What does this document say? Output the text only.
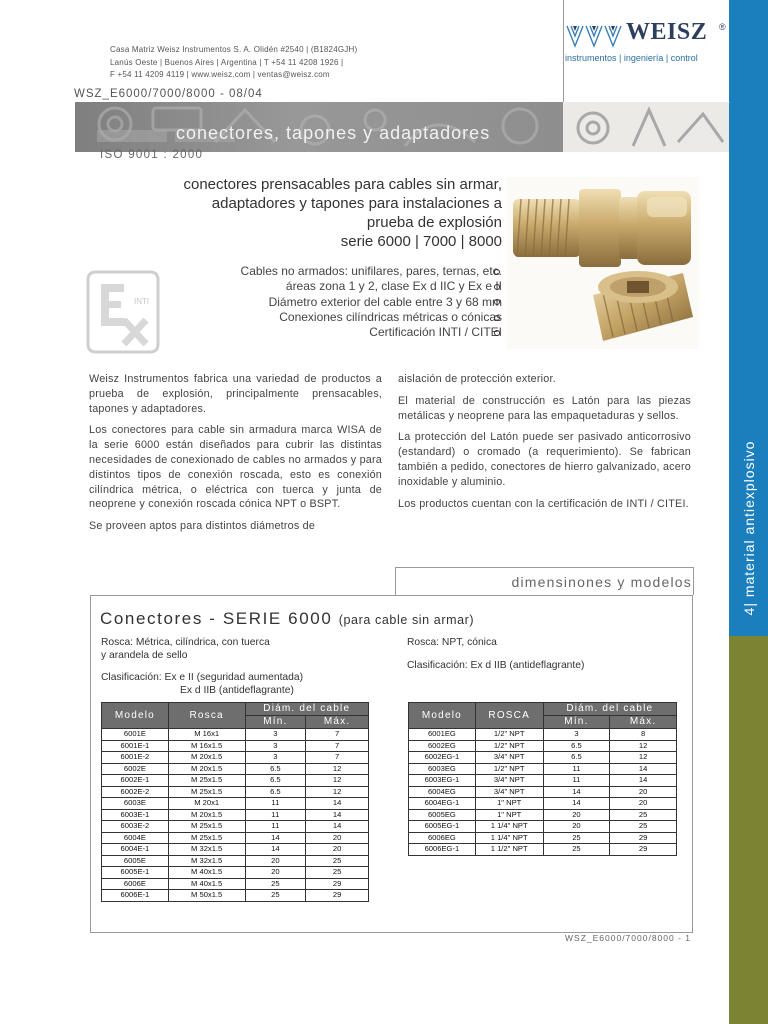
4| material antiexplosivo
Casa Matriz Weisz Instrumentos S. A. Olidén #2540 | (B1824GJH)
Lanús Oeste | Buenos Aires | Argentina | T +54 11 4208 1926 |
F +54 11 4209 4119 | www.weisz.com | ventas@weisz.com
WEISZ ®
instrumentos | ingeniería | control
WSZ_E6000/7000/8000 - 08/04
conectores, tapones y adaptadores
ISO 9001 : 2000
conectores prensacables para cables sin armar,
adaptadores y tapones para instalaciones a
prueba de explosión
serie 6000 | 7000 | 8000
Cables no armados: unifilares, pares, ternas, etc.
áreas zona 1 y 2, clase Ex d IIC y Ex e II
Diámetro exterior del cable entre 3 y 68 mm
Conexiones cilíndricas métricas o cónicas
Certificación INTI / CITEI
INTI

Weisz Instrumentos fabrica una variedad de productos a prueba de explosión, principalmente prensacables, tapones y adaptadores.

Los conectores para cable sin armadura marca WISA de la serie 6000 están diseñados para cubrir las distintas necesidades de conexionado de cables no armados y para distintos tipos de conexión roscada, esto es conexión cilíndrica métrica, o eléctrica con tuerca y junta de neoprene y conexión roscada cónica NPT o BSPT.

Se proveen aptos para distintos diámetros de

aislación de protección exterior.

El material de construcción es Latón para las piezas metálicas y neoprene para las empaquetaduras y sellos.

La protección del Latón puede ser pasivado anticorrosivo (estandard) o cromado (a requerimiento). Se fabrican también a pedido, conectores de hierro galvanizado, acero inoxidable y aluminio.

Los productos cuentan con la certificación de INTI / CITEI.

dimensinones y modelos
Conectores - SERIE 6000 (para cable sin armar)
Rosca: Métrica, cilíndrica, con tuerca
y arandela de sello
Clasificación: Ex e II (seguridad aumentada)
Ex d IIB (antideflagrante)
Rosca: NPT, cónica
Clasificación: Ex d IIB (antideflagrante)
Modelo	Rosca	Diám. del cable	
		Mín.	Máx.
6001E	M 16x1	3	7
6001E-1	M 16x1.5	3	7
6001E-2	M 20x1.5	3	7
6002E	M 20x1.5	6.5	12
6002E-1	M 25x1.5	6.5	12
6002E-2	M 25x1.5	6.5	12
6003E	M 20x1	11	14
6003E-1	M 20x1.5	11	14
6003E-2	M 25x1.5	11	14
6004E	M 25x1.5	14	20
6004E-1	M 32x1.5	14	20
6005E	M 32x1.5	20	25
6005E-1	M 40x1.5	20	25
6006E	M 40x1.5	25	29
6006E-1	M 50x1.5	25	29
Modelo	ROSCA	Diám. del cable	
		Mín.	Máx.
6001EG	1/2" NPT	3	8
6002EG	1/2" NPT	6.5	12
6002EG-1	3/4" NPT	6.5	12
6003EG	1/2" NPT	11	14
6003EG-1	3/4" NPT	11	14
6004EG	3/4" NPT	14	20
6004EG-1	1" NPT	14	20
6005EG	1" NPT	20	25
6005EG-1	1 1/4" NPT	20	25
6006EG	1 1/4" NPT	25	29
6006EG-1	1 1/2" NPT	25	29
WSZ_E6000/7000/8000 - 1
